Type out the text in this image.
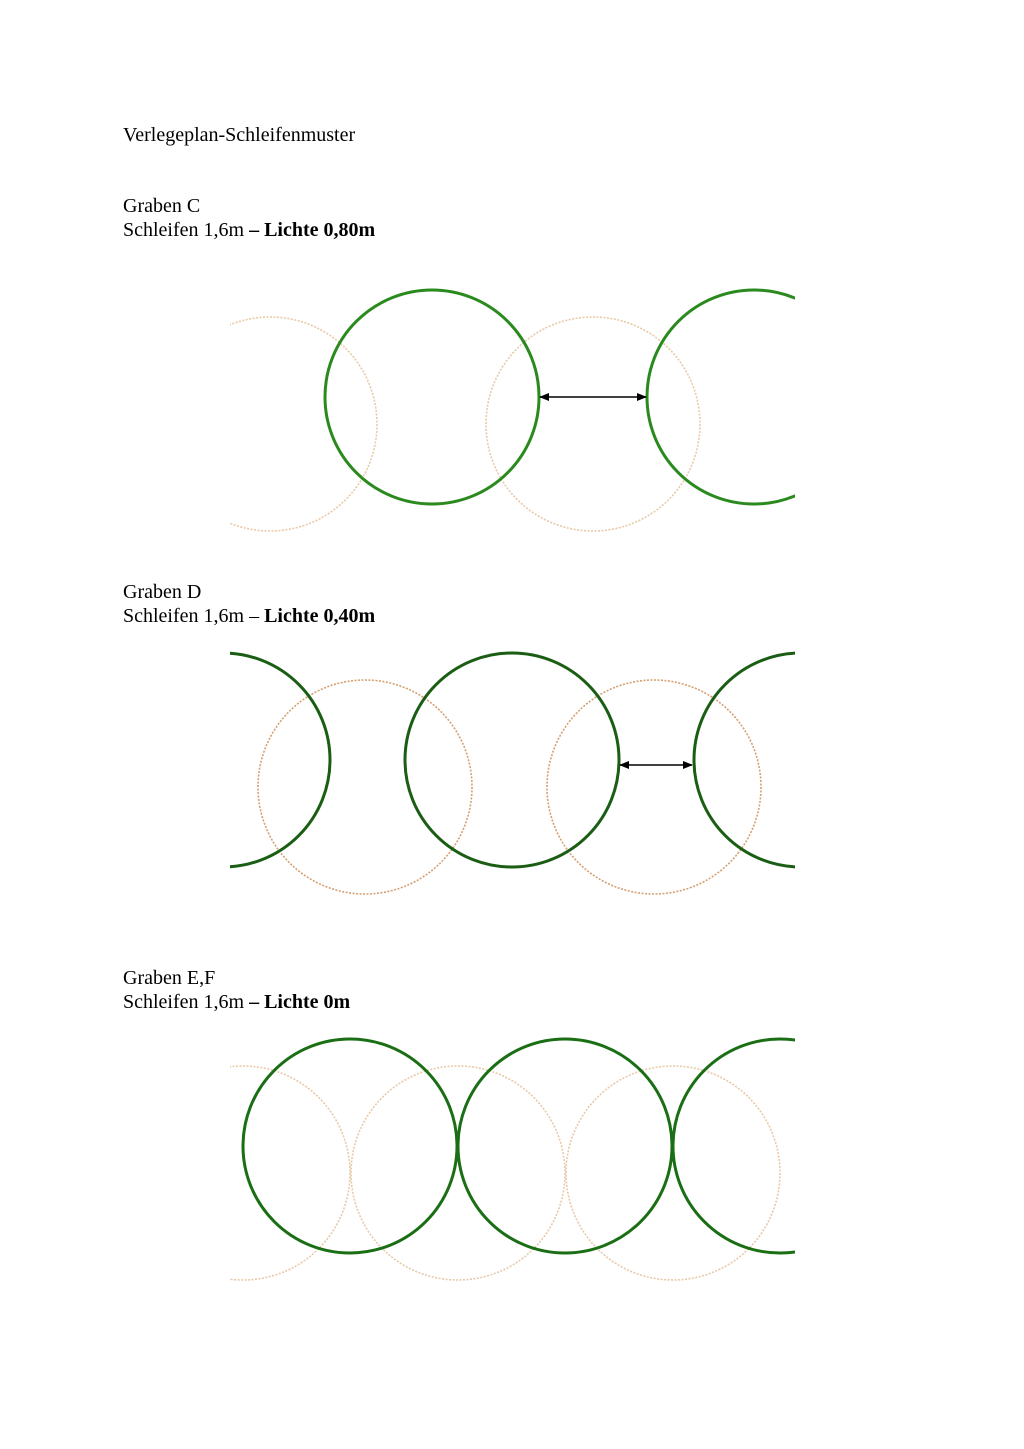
Verlegeplan-Schleifenmuster
Graben C
Schleifen 1,6m – Lichte 0,80m
Graben D
Schleifen 1,6m – Lichte 0,40m
Graben E,F
Schleifen 1,6m – Lichte 0m
